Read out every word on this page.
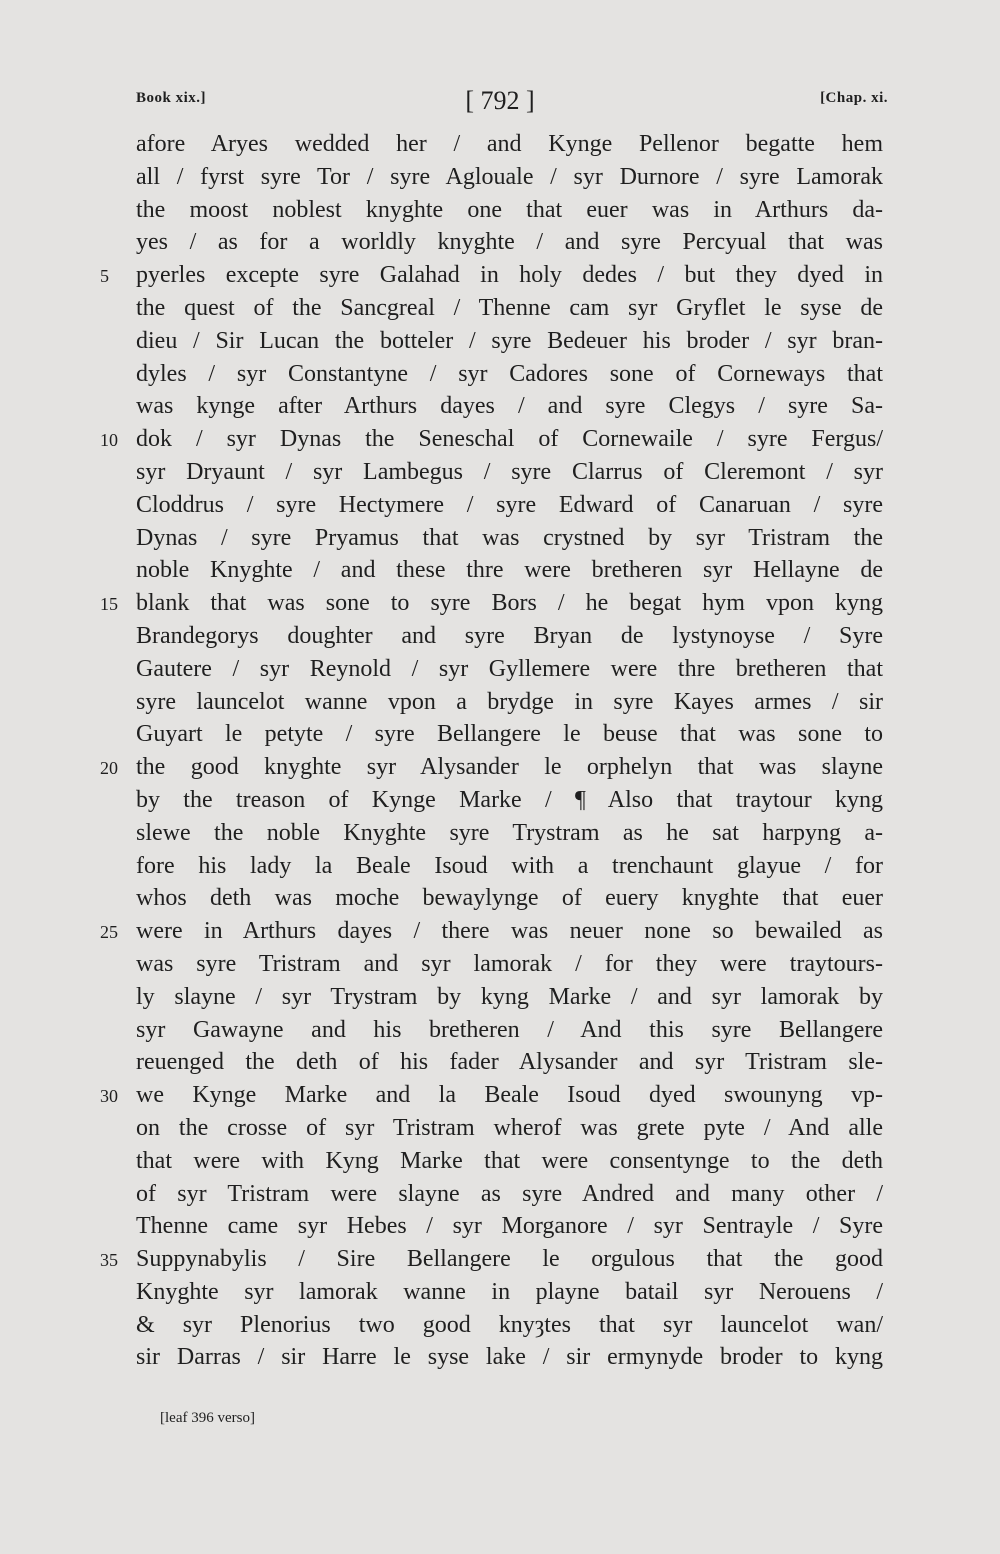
Book xix.]	[ 792 ]	[Chap. xi.
afore Aryes wedded her / and Kynge Pellenor begatte hem
all / fyrst syre Tor / syre Aglouale / syr Durnore / syre Lamorak
the moost noblest knyghte one that euer was in Arthurs da-
yes / as for a worldly knyghte / and syre Percyual that was
5	pyerles excepte syre Galahad in holy dedes / but they dyed in
the quest of the Sancgreal / Thenne cam syr Gryflet le syse de
dieu / Sir Lucan the botteler / syre Bedeuer his broder / syr bran-
dyles / syr Constantyne / syr Cadores sone of Corneways that
was kynge after Arthurs dayes / and syre Clegys / syre Sa-
10 dok / syr Dynas the Seneschal of Cornewaile / syre Fergus/
syr Dryaunt / syr Lambegus / syre Clarrus of Cleremont / syr
Cloddrus / syre Hectymere / syre Edward of Canaruan / syre
Dynas / syre Pryamus that was crystned by syr Tristram the
noble Knyghte / and these thre were bretheren syr Hellayne de
15 blank that was sone to syre Bors / he begat hym vpon kyng
Brandegorys doughter and syre Bryan de lystynoyse / Syre
Gautere / syr Reynold / syr Gyllemere were thre bretheren that
syre launcelot wanne vpon a brydge in syre Kayes armes / sir
Guyart le petyte / syre Bellangere le beuse that was sone to
20 the good knyghte syr Alysander le orphelyn that was slayne
by the treason of Kynge Marke / ¶ Also that traytour kyng
slewe the noble Knyghte syre Trystram as he sat harpyng a-
fore his lady la Beale Isoud with a trenchaunt glayue / for
whos deth was moche bewaylynge of euery knyghte that euer
25 were in Arthurs dayes / there was neuer none so bewailed as
was syre Tristram and syr lamorak / for they were traytours-
ly slayne / syr Trystram by kyng Marke / and syr lamorak by
syr Gawayne and his bretheren / And this syre Bellangere
reuenged the deth of his fader Alysander and syr Tristram sle-
30 we Kynge Marke and la Beale Isoud dyed swounyng vp-
on the crosse of syr Tristram wherof was grete pyte / And alle
that were with Kyng Marke that were consentynge to the deth
of syr Tristram were slayne as syre Andred and many other /
Thenne came syr Hebes / syr Morganore / syr Sentrayle / Syre
35 Suppynabylis / Sire Bellangere le orgulous that the good
Knyghte syr lamorak wanne in playne batail syr Nerouens /
& syr Plenorius two good knyȝtes that syr launcelot wan/
sir Darras / sir Harre le syse lake / sir ermynyde broder to kyng
[leaf 396 verso]
